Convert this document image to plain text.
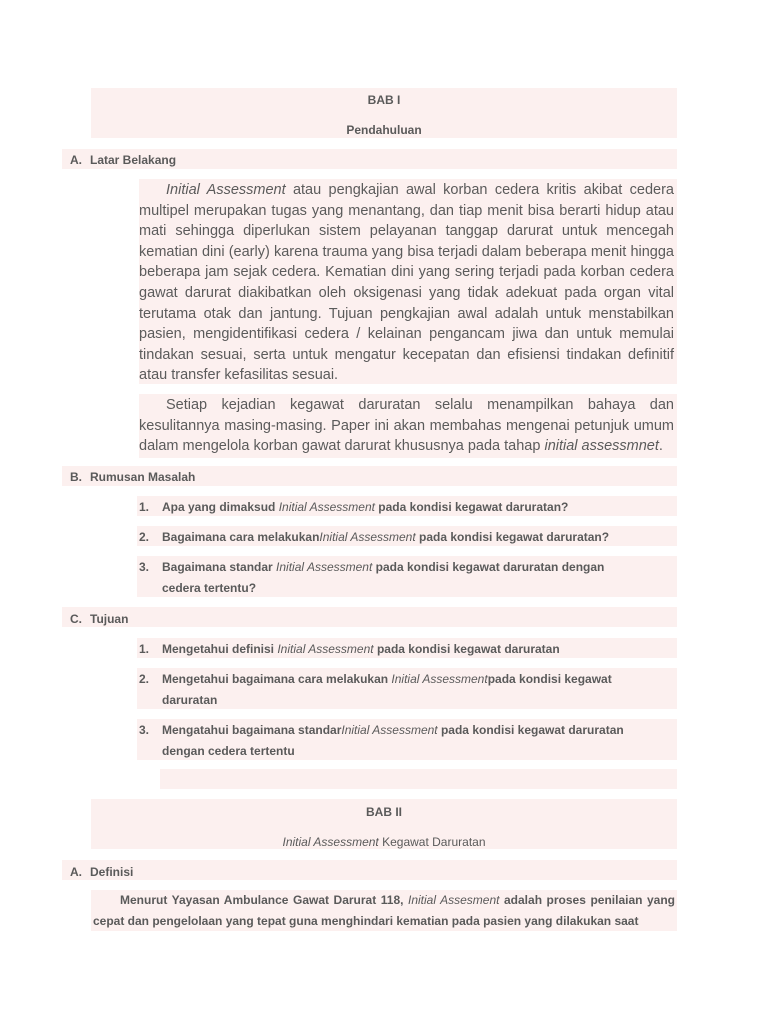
BAB I
Pendahuluan
A. Latar Belakang
Initial Assessment atau pengkajian awal korban cedera kritis akibat cedera multipel merupakan tugas yang menantang, dan tiap menit bisa berarti hidup atau mati sehingga diperlukan sistem pelayanan tanggap darurat untuk mencegah kematian dini (early) karena trauma yang bisa terjadi dalam beberapa menit hingga beberapa jam sejak cedera. Kematian dini yang sering terjadi pada korban cedera gawat darurat diakibatkan oleh oksigenasi yang tidak adekuat pada organ vital terutama otak dan jantung. Tujuan pengkajian awal adalah untuk menstabilkan pasien, mengidentifikasi cedera / kelainan pengancam jiwa dan untuk memulai tindakan sesuai, serta untuk mengatur kecepatan dan efisiensi tindakan definitif atau transfer kefasilitas sesuai.
Setiap kejadian kegawat daruratan selalu menampilkan bahaya dan kesulitannya masing-masing. Paper ini akan membahas mengenai petunjuk umum dalam mengelola korban gawat darurat khususnya pada tahap initial assessmnet.
B. Rumusan Masalah
1. Apa yang dimaksud Initial Assessment pada kondisi kegawat daruratan?
2. Bagaimana cara melakukanInitial Assessment pada kondisi kegawat daruratan?
3. Bagaimana standar Initial Assessment pada kondisi kegawat daruratan dengan cedera tertentu?
C. Tujuan
1. Mengetahui definisi Initial Assessment pada kondisi kegawat daruratan
2. Mengetahui bagaimana cara melakukan Initial Assessmentpada kondisi kegawat daruratan
3. Mengatahui bagaimana standarInitial Assessment pada kondisi kegawat daruratan dengan cedera tertentu
BAB II
Initial Assessment Kegawat Daruratan
A. Definisi
Menurut Yayasan Ambulance Gawat Darurat 118, Initial Assesment adalah proses penilaian yang cepat dan pengelolaan yang tepat guna menghindari kematian pada pasien yang dilakukan saat
